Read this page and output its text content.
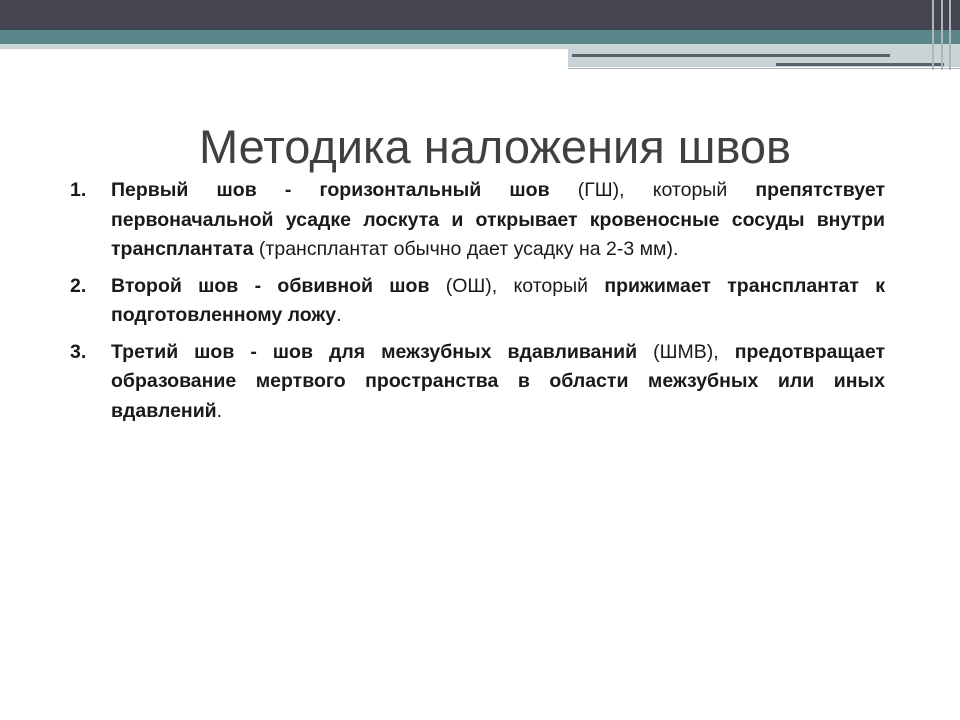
Методика наложения швов
1.	Первый шов - горизонтальный шов (ГШ), который препятствует первоначальной усадке лоскута и открывает кровеносные сосуды внутри трансплантата (трансплантат обычно дает усадку на 2-3 мм).
2.	Второй шов - обвивной шов (ОШ), который прижимает трансплантат к подготовленному ложу.
3.	Третий шов - шов для межзубных вдавливаний (ШМВ), предотвращает образование мертвого пространства в области межзубных или иных вдавлений.
